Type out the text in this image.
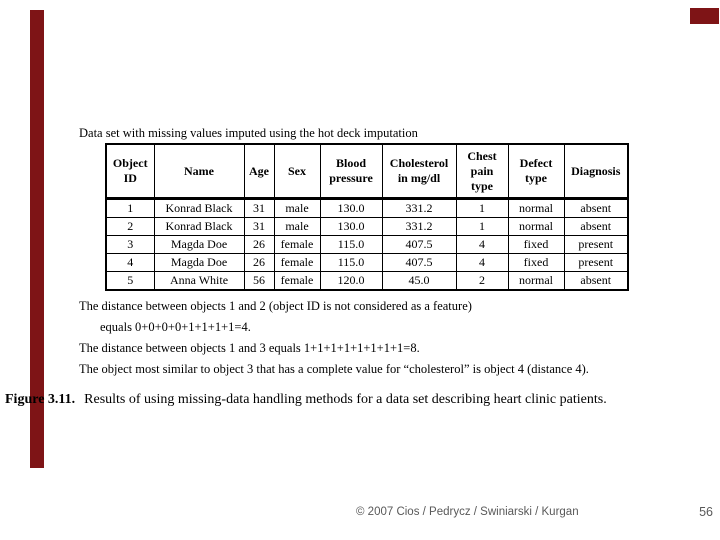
Data set with missing values imputed using the hot deck imputation
Object ID	Name	Age	Sex	Blood pressure	Cholesterol in mg/dl	Chest pain type	Defect type	Diagnosis
1	Konrad Black	31	male	130.0	331.2	1	normal	absent
2	Konrad Black	31	male	130.0	331.2	1	normal	absent
3	Magda Doe	26	female	115.0	407.5	4	fixed	present
4	Magda Doe	26	female	115.0	407.5	4	fixed	present
5	Anna White	56	female	120.0	45.0	2	normal	absent

The distance between objects 1 and 2 (object ID is not considered as a feature)

equals 0+0+0+0+1+1+1+1=4.

The distance between objects 1 and 3 equals 1+1+1+1+1+1+1+1=8.

The object most similar to object 3 that has a complete value for “cholesterol” is object 4 (distance 4).

Figure 3.11. Results of using missing-data handling methods for a data set describing heart clinic patients.
© 2007 Cios / Pedrycz / Swiniarski / Kurgan	56
